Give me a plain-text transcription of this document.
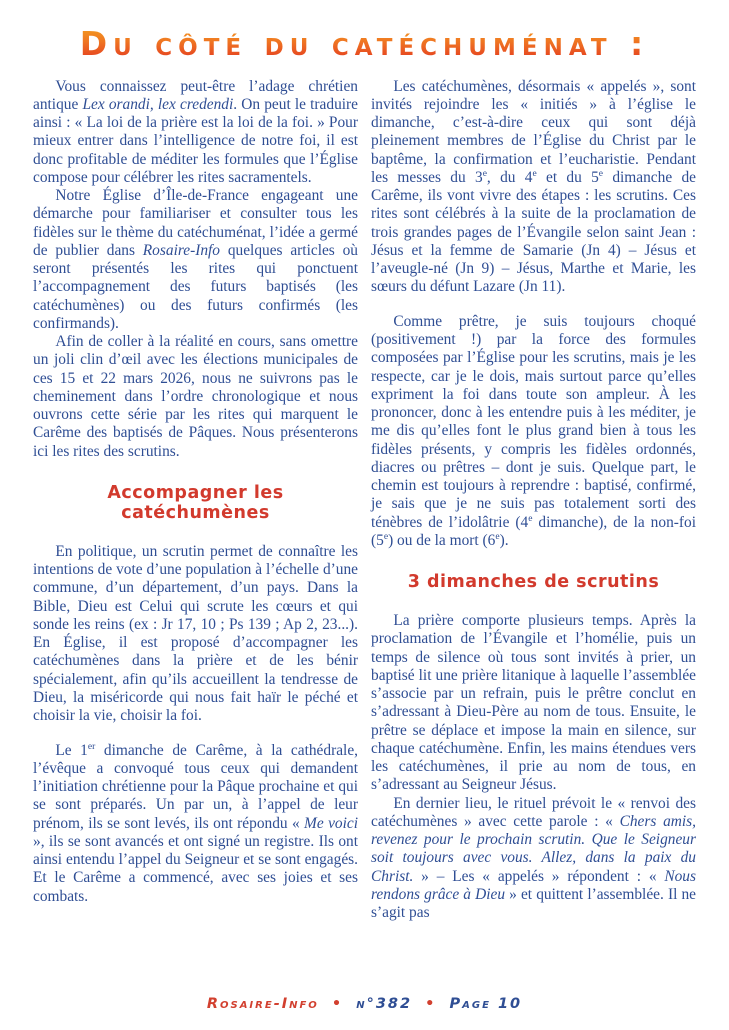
Du côté du catéchuménat :

Vous connaissez peut-être l’adage chrétien antique Lex orandi, lex credendi. On peut le traduire ainsi : « La loi de la prière est la loi de la foi. » Pour mieux entrer dans l’intelligence de notre foi, il est donc profitable de méditer les formules que l’Église compose pour célébrer les rites sacramentels.

Notre Église d’Île-de-France engageant une démarche pour familiariser et consulter tous les fidèles sur le thème du catéchuménat, l’idée a germé de publier dans Rosaire-Info quelques articles où seront présentés les rites qui ponctuent l’accompagnement des futurs baptisés (les catéchumènes) ou des futurs confirmés (les confirmands).

Afin de coller à la réalité en cours, sans omettre un joli clin d’œil avec les élections municipales de ces 15 et 22 mars 2026, nous ne suivrons pas le cheminement dans l’ordre chronologique et nous ouvrons cette série par les rites qui marquent le Carême des baptisés de Pâques. Nous présenterons ici les rites des scrutins.

Accompagner les catéchumènes

En politique, un scrutin permet de connaître les intentions de vote d’une population à l’échelle d’une commune, d’un département, d’un pays. Dans la Bible, Dieu est Celui qui scrute les cœurs et qui sonde les reins (ex : Jr 17, 10 ; Ps 139 ; Ap 2, 23...). En Église, il est proposé d’accompagner les catéchumènes dans la prière et de les bénir spécialement, afin qu’ils accueillent la tendresse de Dieu, la miséricorde qui nous fait haïr le péché et choisir la vie, choisir la foi.

Le 1er dimanche de Carême, à la cathédrale, l’évêque a convoqué tous ceux qui demandent l’initiation chrétienne pour la Pâque prochaine et qui se sont préparés. Un par un, à l’appel de leur prénom, ils se sont levés, ils ont répondu « Me voici », ils se sont avancés et ont signé un registre. Ils ont ainsi entendu l’appel du Seigneur et se sont engagés. Et le Carême a commencé, avec ses joies et ses combats.

Les catéchumènes, désormais « appelés », sont invités rejoindre les « initiés » à l’église le dimanche, c’est-à-dire ceux qui sont déjà pleinement membres de l’Église du Christ par le baptême, la confirmation et l’eucharistie. Pendant les messes du 3e, du 4e et du 5e dimanche de Carême, ils vont vivre des étapes : les scrutins. Ces rites sont célébrés à la suite de la proclamation de trois grandes pages de l’Évangile selon saint Jean : Jésus et la femme de Samarie (Jn 4) – Jésus et l’aveugle-né (Jn 9) – Jésus, Marthe et Marie, les sœurs du défunt Lazare (Jn 11).

Comme prêtre, je suis toujours choqué (positivement !) par la force des formules composées par l’Église pour les scrutins, mais je les respecte, car je le dois, mais surtout parce qu’elles expriment la foi dans toute son ampleur. À les prononcer, donc à les entendre puis à les méditer, je me dis qu’elles font le plus grand bien à tous les fidèles présents, y compris les fidèles ordonnés, diacres ou prêtres – dont je suis. Quelque part, le chemin est toujours à reprendre : baptisé, confirmé, je sais que je ne suis pas totalement sorti des ténèbres de l’idolâtrie (4e dimanche), de la non-foi (5e) ou de la mort (6e).

3 dimanches de scrutins

La prière comporte plusieurs temps. Après la proclamation de l’Évangile et l’homélie, puis un temps de silence où tous sont invités à prier, un baptisé lit une prière litanique à laquelle l’assemblée s’associe par un refrain, puis le prêtre conclut en s’adressant à Dieu-Père au nom de tous. Ensuite, le prêtre se déplace et impose la main en silence, sur chaque catéchumène. Enfin, les mains étendues vers les catéchumènes, il prie au nom de tous, en s’adressant au Seigneur Jésus.

En dernier lieu, le rituel prévoit le « renvoi des catéchumènes » avec cette parole : « Chers amis, revenez pour le prochain scrutin. Que le Seigneur soit toujours avec vous. Allez, dans la paix du Christ. » – Les « appelés » répondent : « Nous rendons grâce à Dieu » et quittent l’assemblée. Il ne s’agit pas

Rosaire-Info • n°382 • Page 10
